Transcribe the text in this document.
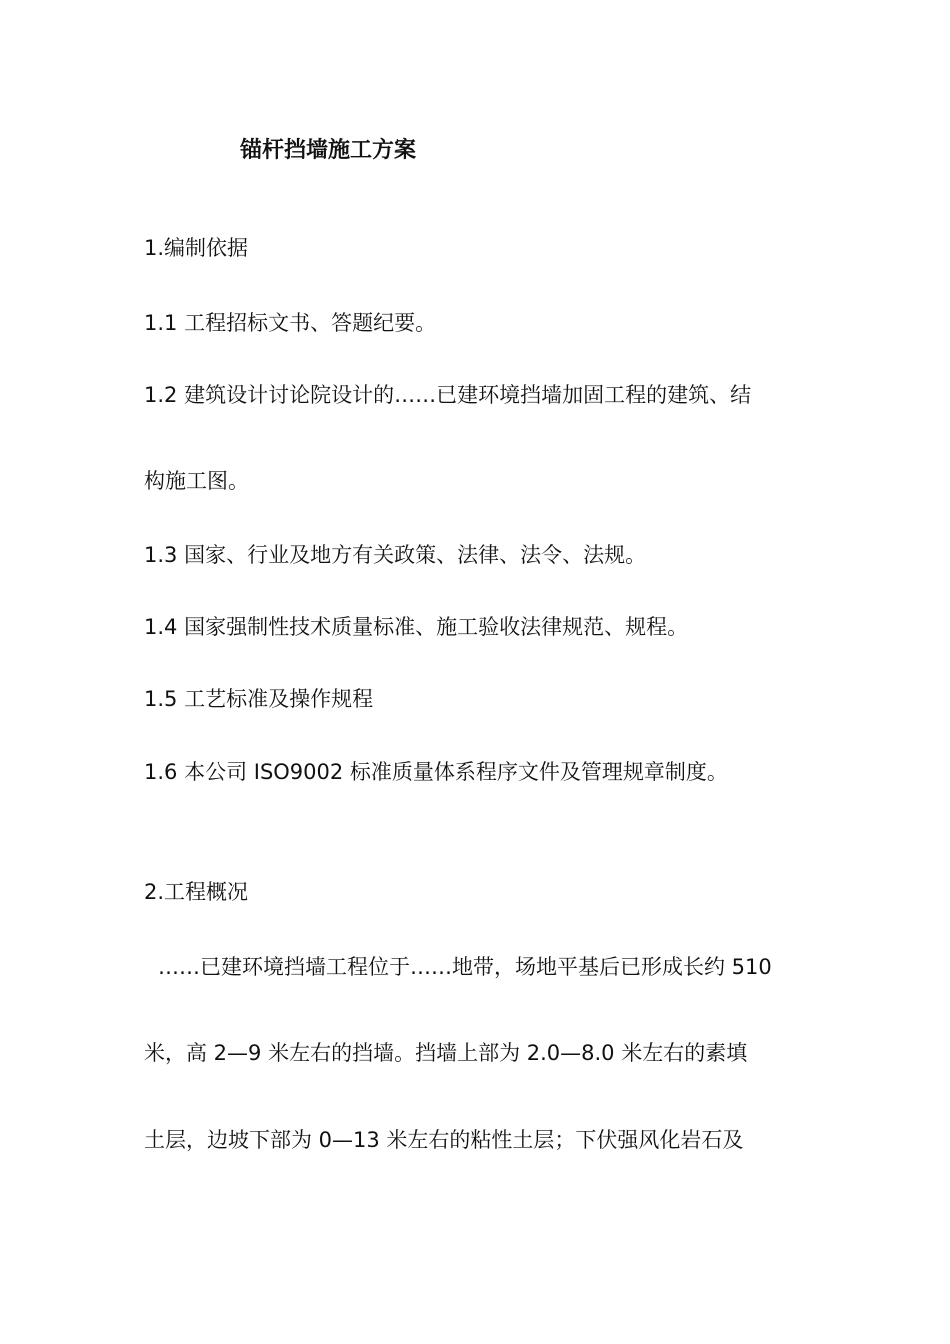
锚杆挡墙施工方案
1.编制依据
1.1 工程招标文书、答题纪要。
1.2 建筑设计讨论院设计的……已建环境挡墙加固工程的建筑、结
构施工图。
1.3 国家、行业及地方有关政策、法律、法令、法规。
1.4 国家强制性技术质量标准、施工验收法律规范、规程。
1.5 工艺标准及操作规程
1.6 本公司 ISO9002 标准质量体系程序文件及管理规章制度。
2.工程概况
……已建环境挡墙工程位于……地带，场地平基后已形成长约 510
米，高 2—9 米左右的挡墙。挡墙上部为 2.0—8.0 米左右的素填
土层，边坡下部为 0—13 米左右的粘性土层；下伏强风化岩石及
